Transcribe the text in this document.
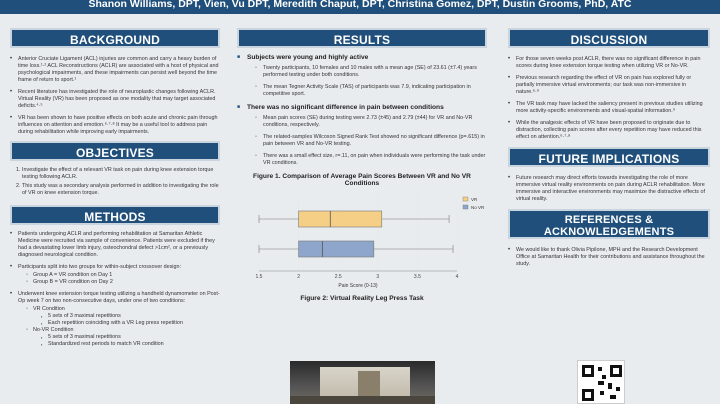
Shanon Williams, DPT, Vien, Vu DPT, Meredith Chaput, DPT, Christina Gomez, DPT, Dustin Grooms, PhD, ATC
BACKGROUND
• Anterior Cruciate Ligament (ACL) injuries are common and carry a heavy burden of time loss.¹·² ACL Reconstructions (ACLR) are associated with a host of physical and psychological impairments, and these impairments can persist well beyond the time frame of return to sport.¹
• Recent literature has investigated the role of neuroplastic changes following ACLR. Virtual Reality (VR) has been proposed as one modality that may target associated deficits.⁴·⁵
• VR has been shown to have positive effects on both acute and chronic pain through influences on attention and emotion.⁶·⁷·⁸ It may be a useful tool to address pain during rehabilitation while improving early impairments.
OBJECTIVES
1. Investigate the effect of a relevant VR task on pain during knee extension torque testing following ACLR.
2. This study was a secondary analysis performed in addition to investigating the role of VR on knee extension torque.
METHODS
• Patients undergoing ACLR and performing rehabilitation at Samaritan Athletic Medicine were recruited via sample of convenience. Patients were excluded if they had a devastating lower limb injury, osteochondral defect >1cm², or a previously diagnosed neurological condition.
• Participants split into two groups for within-subject crossover design:
◦ Group A = VR condition on Day 1
◦ Group B = VR condition on Day 2
• Underwent knee extension torque testing utilizing a handheld dynamometer on Post-Op week 7 on two non-consecutive days, under one of two conditions:
◦ VR Condition
▪ 5 sets of 3 maximal repetitions
▪ Each repetition coinciding with a VR Leg press repetition
◦ No-VR Condition
▪ 5 sets of 3 maximal repetitions
▪ Standardized rest periods to match VR condition
RESULTS
■ Subjects were young and highly active
◦ Twenty participants, 10 females and 10 males with a mean age (SE) of 23.61 (±7.4) years performed testing under both conditions.
◦ The mean Tegner Activity Scale (TAS) of participants was 7.9, indicating participation in competitive sport.
■ There was no significant difference in pain between conditions
◦ Mean pain scores (SE) during testing were 2.73 (±45) and 2.79 (±44) for VR and No-VR conditions, respectively.
◦ The related-samples Wilcoxon Signed Rank Test showed no significant difference (p=.615) in pain between VR and No-VR testing.
◦ There was a small effect size, r=.11, on pain when individuals were performing the task under VR conditions.
Figure 1. Comparison of Average Pain Scores Between VR and No VR Conditions
1.5	2	2.5	3	3.5	4
Pain Score (0-13)
VR
No VR
Figure 2: Virtual Reality Leg Press Task
DISCUSSION
• For those seven weeks post ACLR, there was no significant difference in pain scores during knee extension torque testing when utilizing VR or No-VR.
• Previous research regarding the effect of VR on pain has explored fully or partially immersive virtual environments; our task was non-immersive in nature.⁶·⁹
• The VR task may have lacked the saliency present in previous studies utilizing more activity-specific environments and visual-spatial information.⁹
• While the analgesic effects of VR have been proposed to originate due to distraction, collecting pain scores after every repetition may have reduced this effect on attention.⁶·⁷·⁸
FUTURE IMPLICATIONS
• Future research may direct efforts towards investigating the role of more immersive virtual reality environments on pain during ACLR rehabilitation. More immersive and interactive environments may maximize the distractive effects of virtual reality.
REFERENCES &
ACKNOWLEDGEMENTS
• We would like to thank Olivia Pipilone, MPH and the Research Development Office at Samaritan Health for their contributions and assistance throughout the study.
